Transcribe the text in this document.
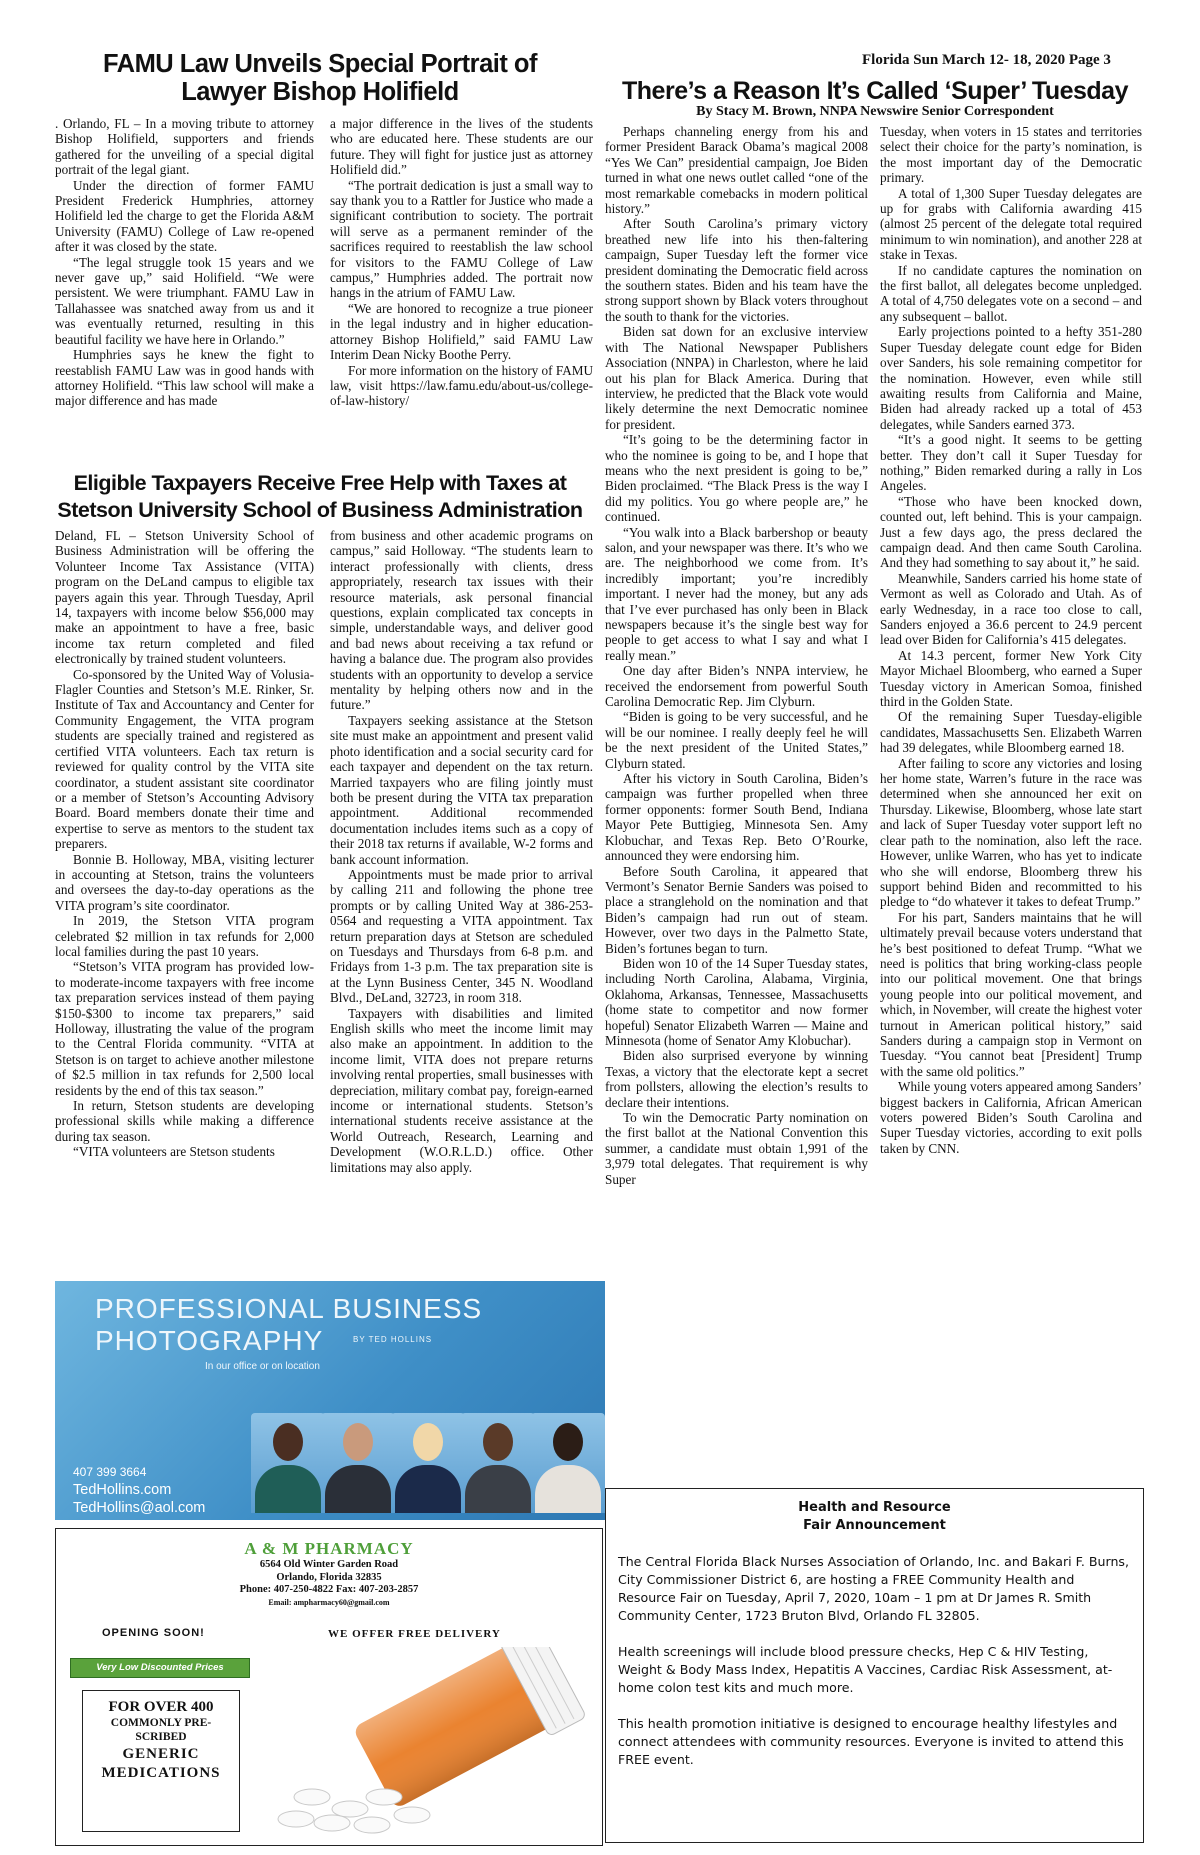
FAMU Law Unveils Special Portrait of
Lawyer Bishop Holifield

. Orlando, FL – In a moving tribute to attorney Bishop Holifield, supporters and friends gathered for the unveiling of a special digital portrait of the legal giant.

Under the direction of former FAMU President Frederick Humphries, attorney Holifield led the charge to get the Florida A&M University (FAMU) College of Law re-opened after it was closed by the state.

“The legal struggle took 15 years and we never gave up,” said Holifield. “We were persistent. We were triumphant. FAMU Law in Tallahassee was snatched away from us and it was eventually returned, resulting in this beautiful facility we have here in Orlando.”

Humphries says he knew the fight to reestablish FAMU Law was in good hands with attorney Holifield. “This law school will make a major difference and has made

a major difference in the lives of the students who are educated here. These students are our future. They will fight for justice just as attorney Holifield did.”

“The portrait dedication is just a small way to say thank you to a Rattler for Justice who made a significant contribution to society. The portrait will serve as a permanent reminder of the sacrifices required to reestablish the law school for visitors to the FAMU College of Law campus,” Humphries added. The portrait now hangs in the atrium of FAMU Law.

“We are honored to recognize a true pioneer in the legal industry and in higher education-attorney Bishop Holifield,” said FAMU Law Interim Dean Nicky Boothe Perry.

For more information on the history of FAMU law, visit https://law.famu.edu/about-us/college-of-law-history/

Eligible Taxpayers Receive Free Help with Taxes at
Stetson University School of Business Administration

Deland, FL – Stetson University School of Business Administration will be offering the Volunteer Income Tax Assistance (VITA) program on the DeLand campus to eligible tax payers again this year. Through Tuesday, April 14, taxpayers with income below $56,000 may make an appointment to have a free, basic income tax return completed and filed electronically by trained student volunteers.

Co-sponsored by the United Way of Volusia-Flagler Counties and Stetson’s M.E. Rinker, Sr. Institute of Tax and Accountancy and Center for Community Engagement, the VITA program students are specially trained and registered as certified VITA volunteers. Each tax return is reviewed for quality control by the VITA site coordinator, a student assistant site coordinator or a member of Stetson’s Accounting Advisory Board. Board members donate their time and expertise to serve as mentors to the student tax preparers.

Bonnie B. Holloway, MBA, visiting lecturer in accounting at Stetson, trains the volunteers and oversees the day-to-day operations as the VITA program’s site coordinator.

In 2019, the Stetson VITA program celebrated $2 million in tax refunds for 2,000 local families during the past 10 years.

“Stetson’s VITA program has provided low- to moderate-income taxpayers with free income tax preparation services instead of them paying $150-$300 to income tax preparers,” said Holloway, illustrating the value of the program to the Central Florida community. “VITA at Stetson is on target to achieve another milestone of $2.5 million in tax refunds for 2,500 local residents by the end of this tax season.”

In return, Stetson students are developing professional skills while making a difference during tax season.

“VITA volunteers are Stetson students

from business and other academic programs on campus,” said Holloway. “The students learn to interact professionally with clients, dress appropriately, research tax issues with their resource materials, ask personal financial questions, explain complicated tax concepts in simple, understandable ways, and deliver good and bad news about receiving a tax refund or having a balance due. The program also provides students with an opportunity to develop a service mentality by helping others now and in the future.”

Taxpayers seeking assistance at the Stetson site must make an appointment and present valid photo identification and a social security card for each taxpayer and dependent on the tax return. Married taxpayers who are filing jointly must both be present during the VITA tax preparation appointment. Additional recommended documentation includes items such as a copy of their 2018 tax returns if available, W-2 forms and bank account information.

Appointments must be made prior to arrival by calling 211 and following the phone tree prompts or by calling United Way at 386-253-0564 and requesting a VITA appointment. Tax return preparation days at Stetson are scheduled on Tuesdays and Thursdays from 6-8 p.m. and Fridays from 1-3 p.m. The tax preparation site is at the Lynn Business Center, 345 N. Woodland Blvd., DeLand, 32723, in room 318.

Taxpayers with disabilities and limited English skills who meet the income limit may also make an appointment. In addition to the income limit, VITA does not prepare returns involving rental properties, small businesses with depreciation, military combat pay, foreign-earned income or international students. Stetson’s international students receive assistance at the World Outreach, Research, Learning and Development (W.O.R.L.D.) office. Other limitations may also apply.

Florida Sun March 12- 18, 2020 Page 3
There’s a Reason It’s Called ‘Super’ Tuesday
By Stacy M. Brown, NNPA Newswire Senior Correspondent

Perhaps channeling energy from his and former President Barack Obama’s magical 2008 “Yes We Can” presidential campaign, Joe Biden turned in what one news outlet called “one of the most remarkable comebacks in modern political history.”

After South Carolina’s primary victory breathed new life into his then-faltering campaign, Super Tuesday left the former vice president dominating the Democratic field across the southern states. Biden and his team have the strong support shown by Black voters throughout the south to thank for the victories.

Biden sat down for an exclusive interview with The National Newspaper Publishers Association (NNPA) in Charleston, where he laid out his plan for Black America. During that interview, he predicted that the Black vote would likely determine the next Democratic nominee for president.

“It’s going to be the determining factor in who the nominee is going to be, and I hope that means who the next president is going to be,” Biden proclaimed. “The Black Press is the way I did my politics. You go where people are,” he continued.

“You walk into a Black barbershop or beauty salon, and your newspaper was there. It’s who we are. The neighborhood we come from. It’s incredibly important; you’re incredibly important. I never had the money, but any ads that I’ve ever purchased has only been in Black newspapers because it’s the single best way for people to get access to what I say and what I really mean.”

One day after Biden’s NNPA interview, he received the endorsement from powerful South Carolina Democratic Rep. Jim Clyburn.

“Biden is going to be very successful, and he will be our nominee. I really deeply feel he will be the next president of the United States,” Clyburn stated.

After his victory in South Carolina, Biden’s campaign was further propelled when three former opponents: former South Bend, Indiana Mayor Pete Buttigieg, Minnesota Sen. Amy Klobuchar, and Texas Rep. Beto O’Rourke, announced they were endorsing him.

Before South Carolina, it appeared that Vermont’s Senator Bernie Sanders was poised to place a stranglehold on the nomination and that Biden’s campaign had run out of steam. However, over two days in the Palmetto State, Biden’s fortunes began to turn.

Biden won 10 of the 14 Super Tuesday states, including North Carolina, Alabama, Virginia, Oklahoma, Arkansas, Tennessee, Massachusetts (home state to competitor and now former hopeful) Senator Elizabeth Warren — Maine and Minnesota (home of Senator Amy Klobuchar).

Biden also surprised everyone by winning Texas, a victory that the electorate kept a secret from pollsters, allowing the election’s results to declare their intentions.

To win the Democratic Party nomination on the first ballot at the National Convention this summer, a candidate must obtain 1,991 of the 3,979 total delegates. That requirement is why Super

Tuesday, when voters in 15 states and territories select their choice for the party’s nomination, is the most important day of the Democratic primary.

A total of 1,300 Super Tuesday delegates are up for grabs with California awarding 415 (almost 25 percent of the delegate total required minimum to win nomination), and another 228 at stake in Texas.

If no candidate captures the nomination on the first ballot, all delegates become unpledged. A total of 4,750 delegates vote on a second – and any subsequent – ballot.

Early projections pointed to a hefty 351-280 Super Tuesday delegate count edge for Biden over Sanders, his sole remaining competitor for the nomination. However, even while still awaiting results from California and Maine, Biden had already racked up a total of 453 delegates, while Sanders earned 373.

“It’s a good night. It seems to be getting better. They don’t call it Super Tuesday for nothing,” Biden remarked during a rally in Los Angeles.

“Those who have been knocked down, counted out, left behind. This is your campaign. Just a few days ago, the press declared the campaign dead. And then came South Carolina. And they had something to say about it,” he said.

Meanwhile, Sanders carried his home state of Vermont as well as Colorado and Utah. As of early Wednesday, in a race too close to call, Sanders enjoyed a 36.6 percent to 24.9 percent lead over Biden for California’s 415 delegates.

At 14.3 percent, former New York City Mayor Michael Bloomberg, who earned a Super Tuesday victory in American Somoa, finished third in the Golden State.

Of the remaining Super Tuesday-eligible candidates, Massachusetts Sen. Elizabeth Warren had 39 delegates, while Bloomberg earned 18.

After failing to score any victories and losing her home state, Warren’s future in the race was determined when she announced her exit on Thursday. Likewise, Bloomberg, whose late start and lack of Super Tuesday voter support left no clear path to the nomination, also left the race. However, unlike Warren, who has yet to indicate who she will endorse, Bloomberg threw his support behind Biden and recommitted to his pledge to “do whatever it takes to defeat Trump.”

For his part, Sanders maintains that he will ultimately prevail because voters understand that he’s best positioned to defeat Trump. “What we need is politics that bring working-class people into our political movement. One that brings young people into our political movement, and which, in November, will create the highest voter turnout in American political history,” said Sanders during a campaign stop in Vermont on Tuesday. “You cannot beat [President] Trump with the same old politics.”

While young voters appeared among Sanders’ biggest backers in California, African American voters powered Biden’s South Carolina and Super Tuesday victories, according to exit polls taken by CNN.

PROFESSIONAL BUSINESS
PHOTOGRAPHY	BY TED HOLLINS
In our office or on location
407 399 3664
TedHollins.com
TedHollins@aol.com
A & M PHARMACY
6564 Old Winter Garden Road
Orlando, Florida 32835
Phone: 407-250-4822 Fax: 407-203-2857
Email: ampharmacy60@gmail.com
OPENING SOON!	WE OFFER FREE DELIVERY
Very Low Discounted Prices
FOR OVER 400
COMMONLY PRE-
SCRIBED
GENERIC
MEDICATIONS
Health and Resource
Fair Announcement

The Central Florida Black Nurses Association of Orlando, Inc. and Bakari F. Burns, City Commissioner District 6, are hosting a FREE Community Health and Resource Fair on Tuesday, April 7, 2020, 10am – 1 pm at Dr James R. Smith Community Center, 1723 Bruton Blvd, Orlando FL 32805.

Health screenings will include blood pressure checks, Hep C & HIV Testing, Weight & Body Mass Index, Hepatitis A Vaccines, Cardiac Risk Assessment, at-home colon test kits and much more.

This health promotion initiative is designed to encourage healthy lifestyles and connect attendees with community resources. Everyone is invited to attend this FREE event.
